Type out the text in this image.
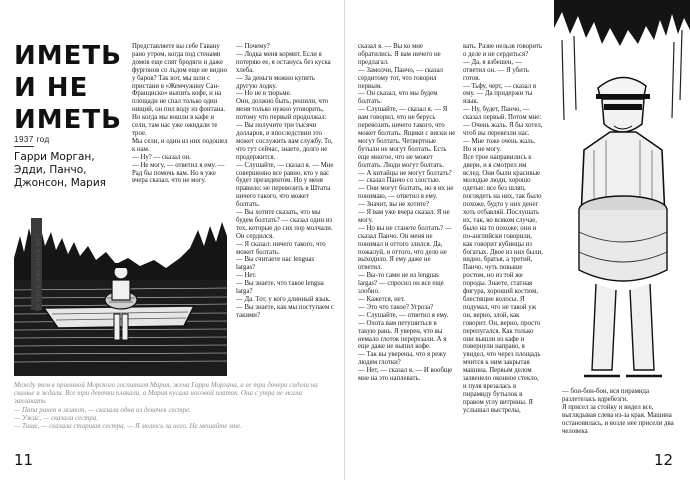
ИМЕТЬ И НЕ ИМЕТЬ
1937 год
Гарри Морган, Эдди, Панчо, Джонсон, Мария

Представляете вы себе Гавану рано утром, когда под стенами домов еще спят бродяги и даже фургонов со льдом еще не видно у баров? Так вот, мы шли с пристани в «Жемчужину Сан-Франциско» выпить кофе, и на площади не спал только один нищий, он пил воду из фонтана. Но когда мы вошли в кафе и сели, там нас уже ожидали те трое.

Мы сели, и один из них подошел к нам.

— Ну? — сказал он.

— Не могу, — ответил я ему. — Рад бы помочь вам. Но я уже вчера сказал, что не могу.

— Почему?

— Лодка меня кормит. Если я потеряю ее, я останусь без куска хлеба.

— За деньги можно купить другую лодку.

— Но не в тюрьме.

Они, должно быть, решили, что меня только нужно уговорить, потому что первый продолжал:

— Вы получите три тысячи долларов, и впоследствии это может сослужить вам службу. То, что тут сейчас, знаете, долго не продержится.

— Слушайте, — сказал я. — Мне совершенно все равно, кто у вас будет президентом. Но у меня правило: не перевозить в Штаты ничего такого, что может болтать.

— Вы хотите сказать, что мы будем болтать? — сказал один из тех, которые до сих пор молчали. Он сердился.

— Я сказал: ничего такого, что может болтать.

— Вы считаете нас lenguas largas?

— Нет.

— Вы знаете, что такое lengua larga?

— Да. Тот, у кого длинный язык.

— Вы знаете, как мы поступаем с такими?

ТО HAVE AND HAVE NOT

Между тем в приемной Морского госпиталя Мария, жена Гарри Моргана, и ее три дочери сидели на скамье и ждали. Все три девочки плакали, а Мария кусала носовой платок. Она с утра не могла заплакать.

— Папа ранен в живот, — сказала одна из девочек сестре.

— Ужас, — сказала сестра.

— Тише, — сказала старшая сестра. — Я молюсь за него. Не мешайте мне.

11

сказал я. — Вы ко мне обратились. Я вам ничего не предлагал.

— Замолчи, Панчо, — сказал сердитому тот, что говорил первым.

— Он сказал, что мы будем болтать.

— Слушайте, — сказал я. — Я вам говорил, что не берусь перевозить ничего такого, что может болтать. Ящики с виски не могут болтать. Четвертные бутыли не могут болтать. Есть еще многое, что не может болтать. Люди могут болтать.

— А китайцы не могут болтать? — сказал Панчо со злостью.

— Они могут болтать, но я их не понимаю, — ответил я ему.

— Значит, вы не хотите?

— Я вам уже вчера сказал. Я не могу.

— Но вы не станете болтать? — сказал Панчо. Он меня не понимал и оттого злился. Да, пожалуй, и оттого, что дело не выходило. Я ему даже не ответил.

— Вы-то сами не из lenguas largas? — спросил он все еще злобно.

— Кажется, нет.

— Это что такое? Угроза?

— Слушайте, — ответил я ему. — Охота вам петушиться в такую рань. Я уверен, что вы немало глоток перерезали. А я еще даже не выпил кофе.

— Так вы уверены, что я режу людям глотки?

— Нет, — сказал я. — И вообще мне на это наплевать.

вать. Разве нельзя говорить о деле и не сердиться?

— Да, я взбешен, — ответил он. — Я убить готов.

— Тьфу, черт, — сказал я ему. — Да придержи ты язык.

— Ну, будет, Панчо, — сказал первый. Потом мне: — Очень жаль. Я бы хотел, чтоб вы перевезли нас.

— Мне тоже очень жаль. Но я не могу.

Все трое направились к двери, и я смотрел им вслед. Они были красивые молодые люди, хорошо одетые: все без шляп, поглядеть на них, так было похоже, будто у них денег хоть отбавляй. Послушать их, так, во всяком случае, было на то похоже; они и по-английски говорили, как говорит кубинцы из богатых. Двое из них были, видно, братья, а третий, Панчо, чуть повыше ростом, но из той же породы. Знаете, статная фигура, хороший костюм, блестящие волосы. Я подумал, что не такой уж он, верно, злой, как говорит. Он, верно, просто перепугался. Как только они вышли из кафе и повернули направо, я увидел, что через площадь мчится к ним закрытая машина. Первым делом зазвенело оконное стекло, и пуля врезалась в пирамиду бутылок в правом углу витрины. Я услышал выстрелы,

— бон-бон-бон, вся пирамида разлетелась вдребезги.

Я присел за стойку и видел все, выглядывая слева из-за края. Машина остановилась, и возле нее присели два человека

12
